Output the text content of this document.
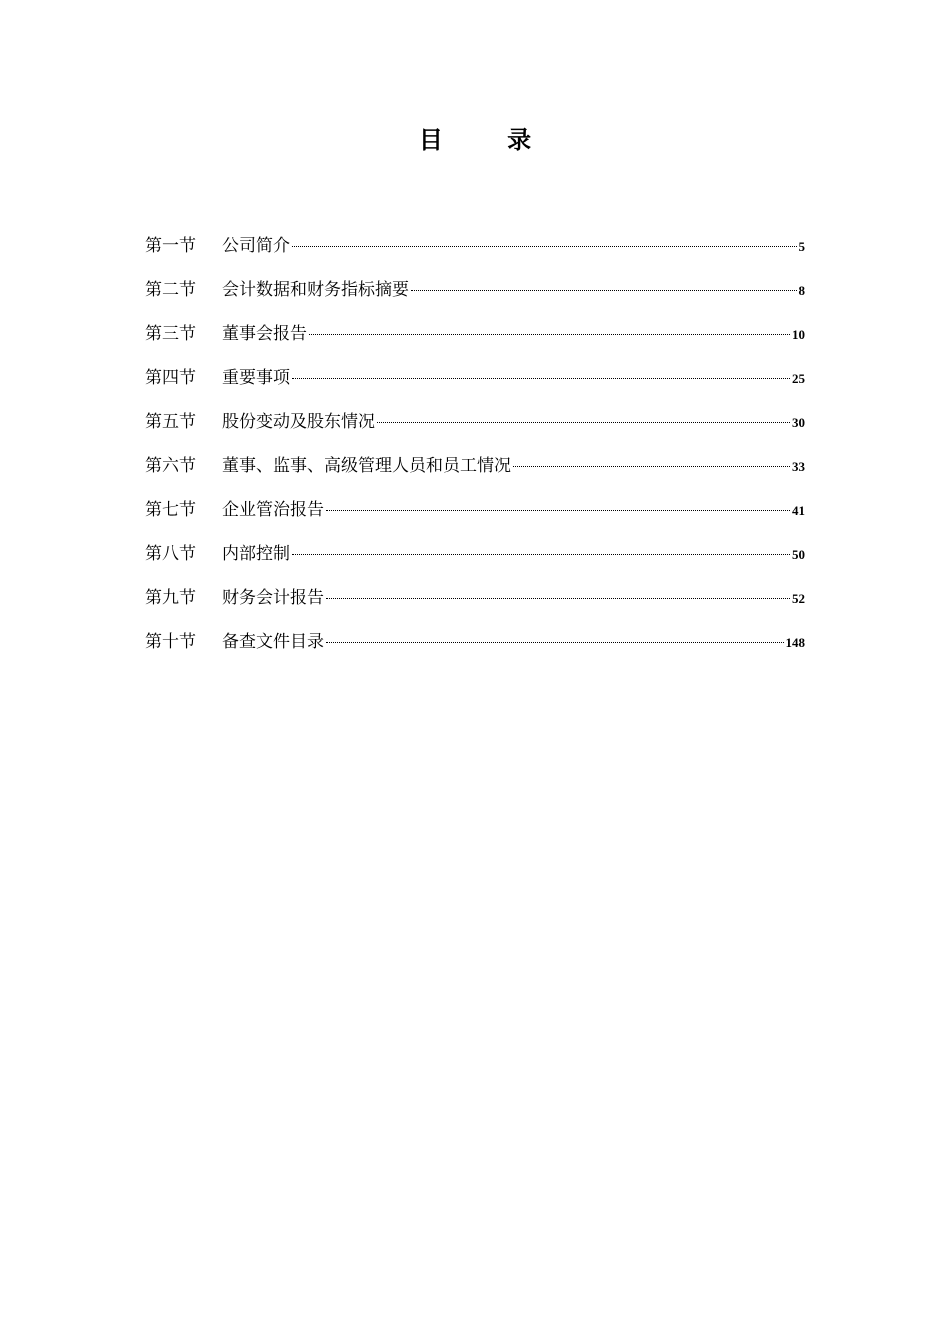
目 录
第一节	公司简介	5
第二节	会计数据和财务指标摘要	8
第三节	董事会报告	10
第四节	重要事项	25
第五节	股份变动及股东情况	30
第六节	董事、监事、高级管理人员和员工情况	33
第七节	企业管治报告	41
第八节	内部控制	50
第九节	财务会计报告	52
第十节	备查文件目录	148
